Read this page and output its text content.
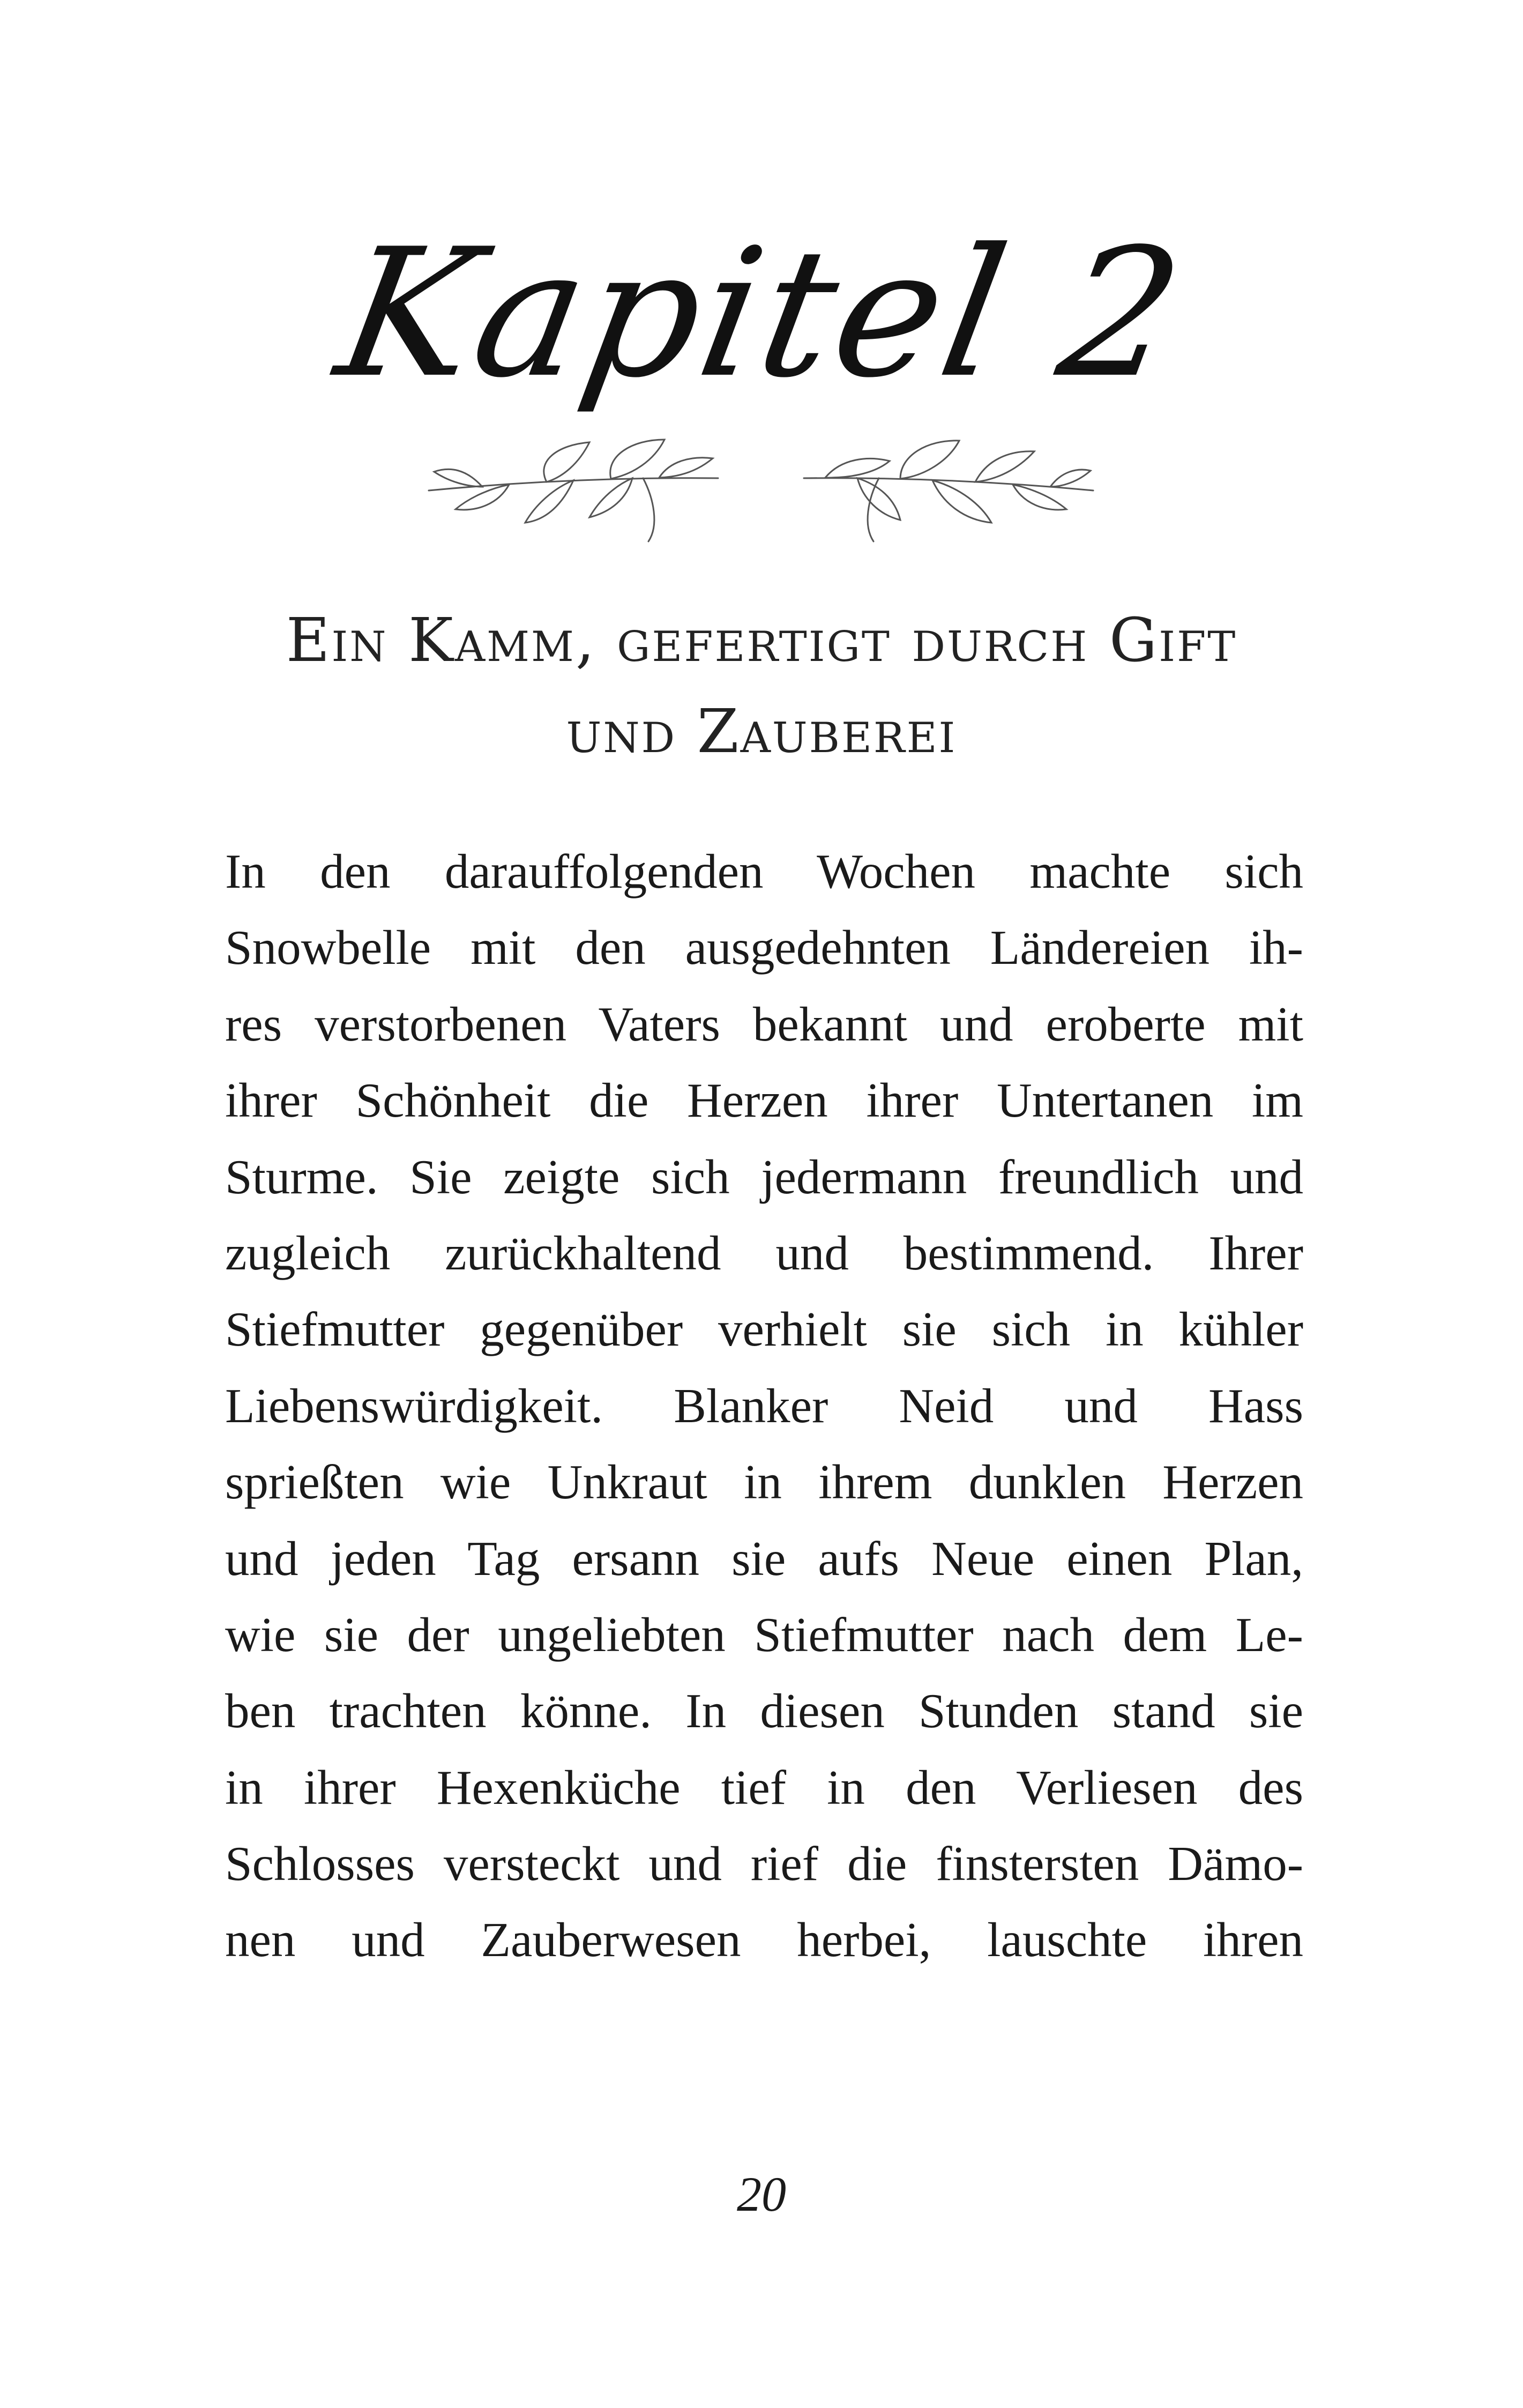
Kapitel 2
Ein Kamm, gefertigt durch Gift
und Zauberei
In den darauffolgenden Wochen machte sich
Snowbelle mit den ausgedehnten Ländereien ih-
res verstorbenen Vaters bekannt und eroberte mit
ihrer Schönheit die Herzen ihrer Untertanen im
Sturme. Sie zeigte sich jedermann freundlich und
zugleich zurückhaltend und bestimmend. Ihrer
Stiefmutter gegenüber verhielt sie sich in kühler
Liebenswürdigkeit. Blanker Neid und Hass
sprießten wie Unkraut in ihrem dunklen Herzen
und jeden Tag ersann sie aufs Neue einen Plan,
wie sie der ungeliebten Stiefmutter nach dem Le-
ben trachten könne. In diesen Stunden stand sie
in ihrer Hexenküche tief in den Verliesen des
Schlosses versteckt und rief die finstersten Dämo-
nen und Zauberwesen herbei, lauschte ihren
20
